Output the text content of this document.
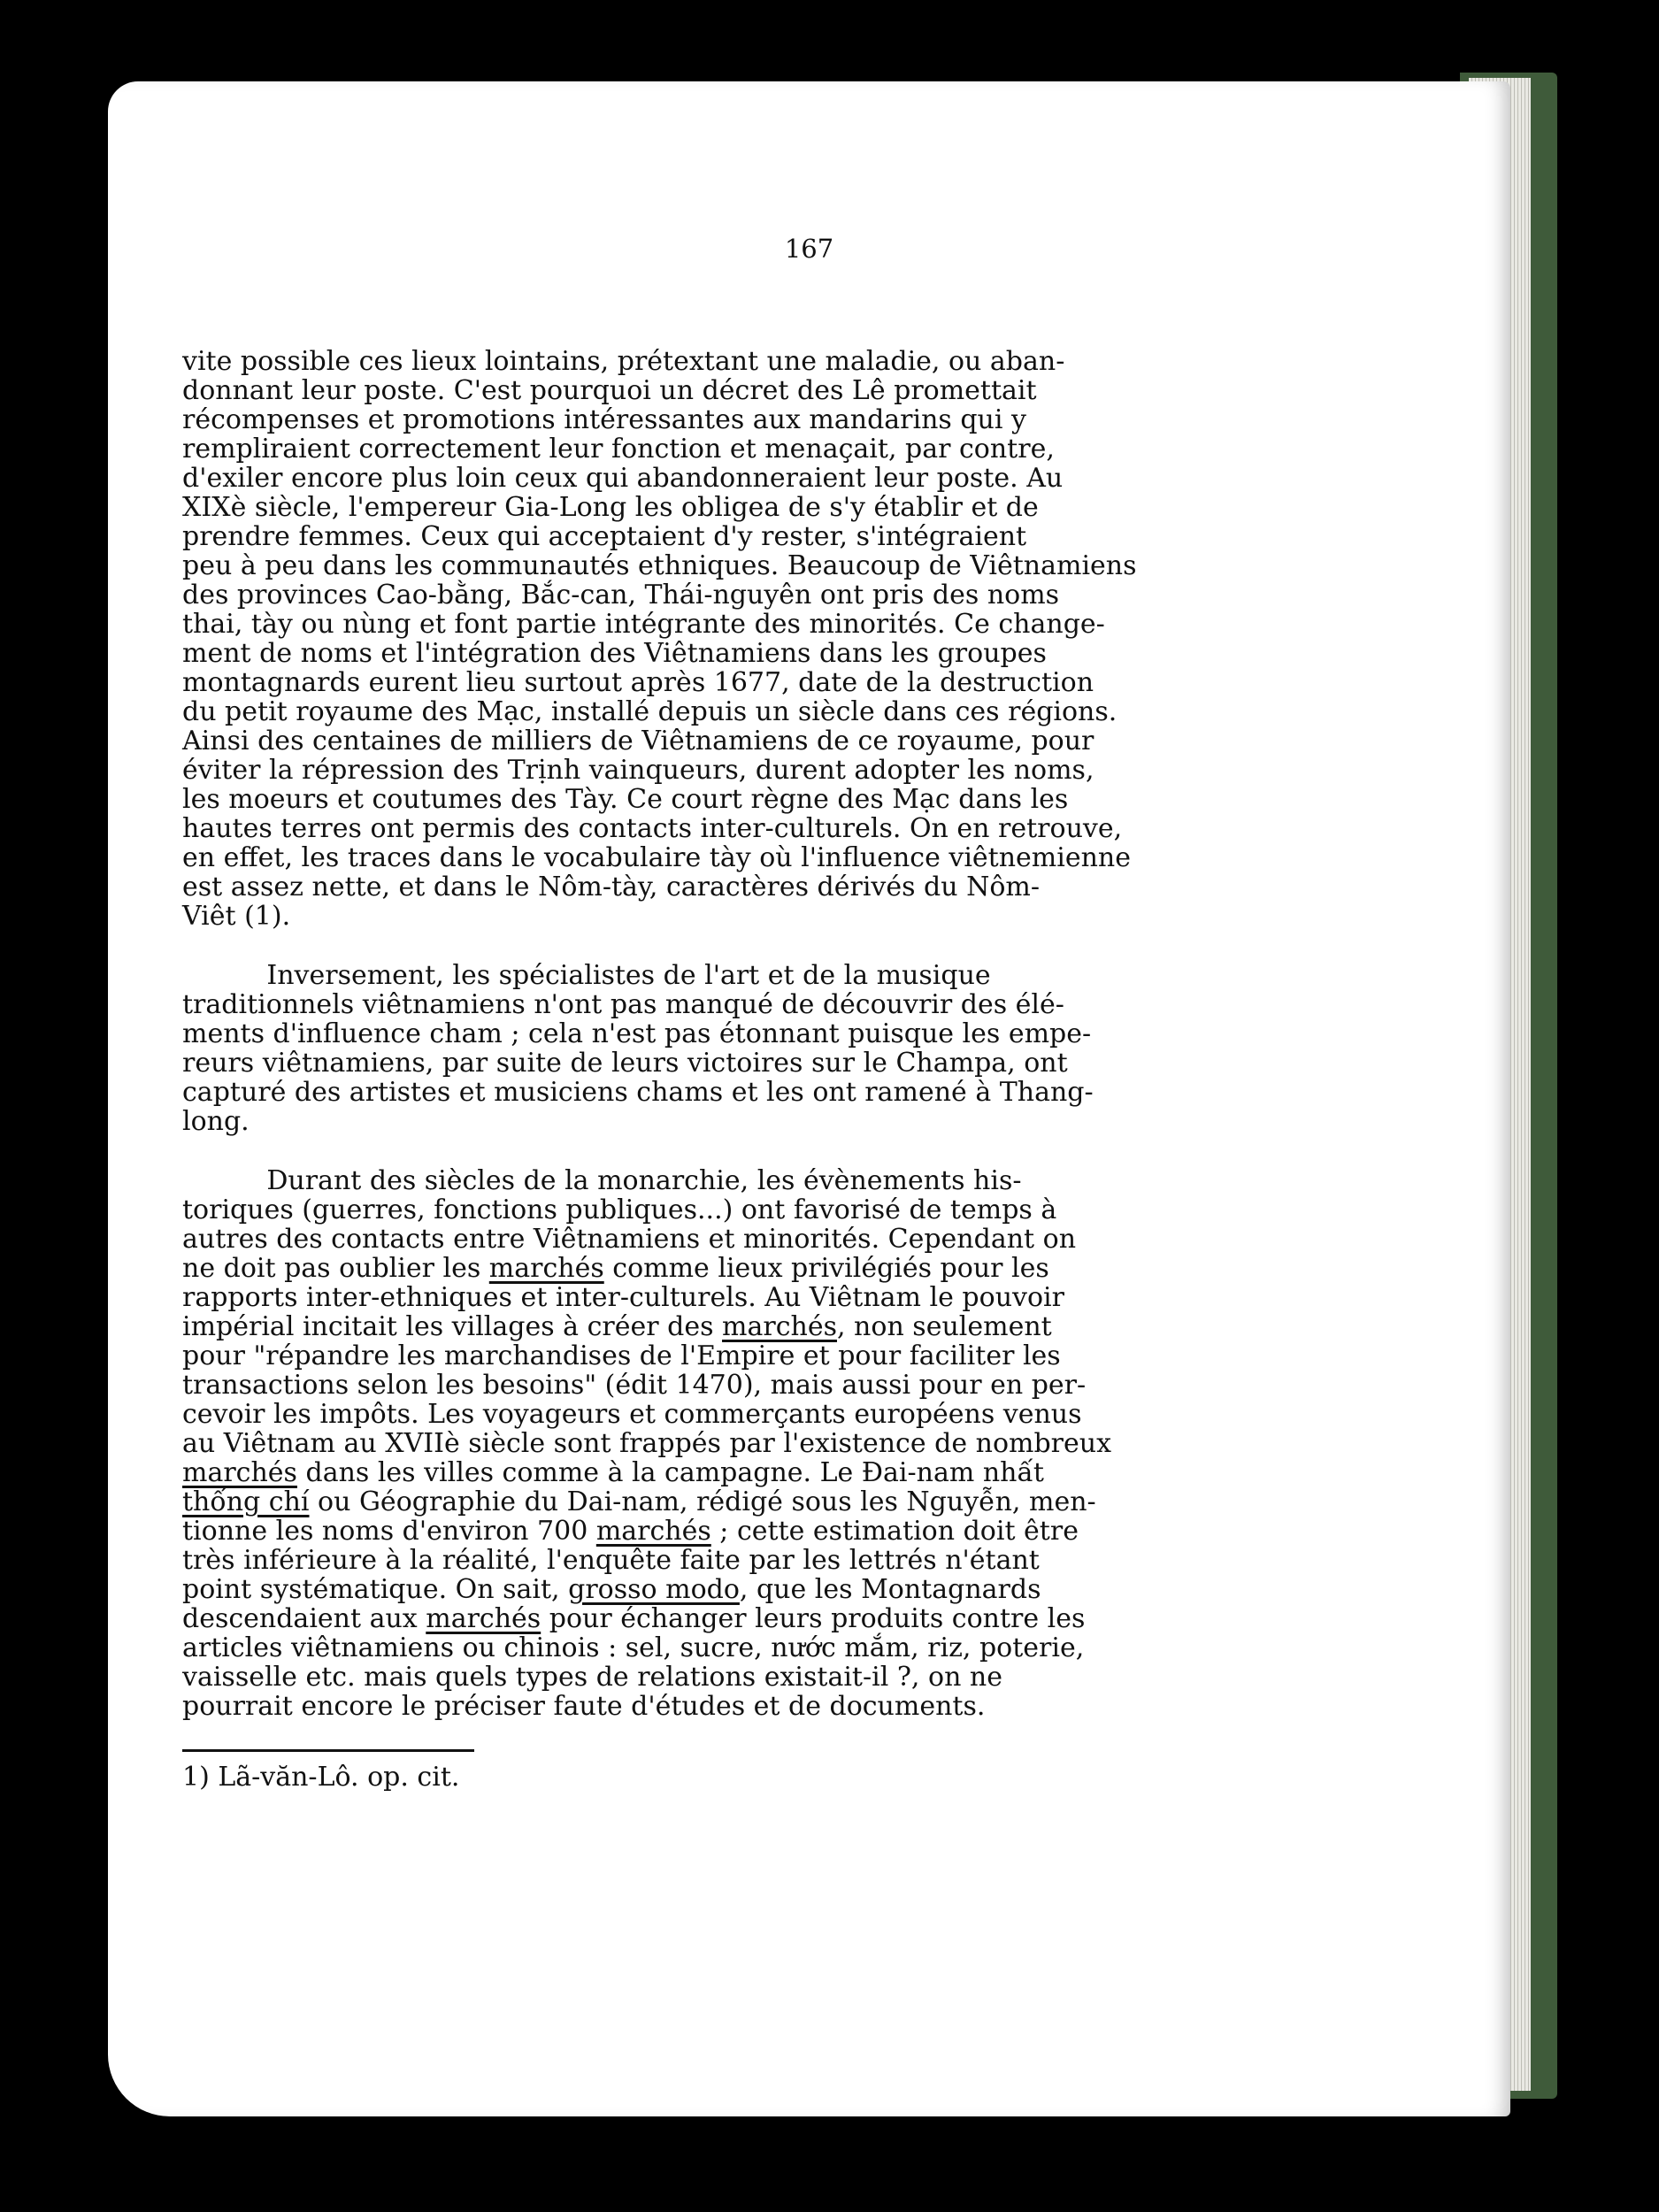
167
vite possible ces lieux lointains, prétextant une maladie, ou aban-
donnant leur poste. C'est pourquoi un décret des Lê promettait
récompenses et promotions intéressantes aux mandarins qui y
rempliraient correctement leur fonction et menaçait, par contre,
d'exiler encore plus loin ceux qui abandonneraient leur poste. Au
XIXè siècle, l'empereur Gia-Long les obligea de s'y établir et de
prendre femmes. Ceux qui acceptaient d'y rester, s'intégraient
peu à peu dans les communautés ethniques. Beaucoup de Viêtnamiens
des provinces Cao-bằng, Bắc-can, Thái-nguyên ont pris des noms
thai, tày ou nùng et font partie intégrante des minorités. Ce change-
ment de noms et l'intégration des Viêtnamiens dans les groupes
montagnards eurent lieu surtout après 1677, date de la destruction
du petit royaume des Mạc, installé depuis un siècle dans ces régions.
Ainsi des centaines de milliers de Viêtnamiens de ce royaume, pour
éviter la répression des Trịnh vainqueurs, durent adopter les noms,
les moeurs et coutumes des Tày. Ce court règne des Mạc dans les
hautes terres ont permis des contacts inter-culturels. On en retrouve,
en effet, les traces dans le vocabulaire tày où l'influence viêtnemienne
est assez nette, et dans le Nôm-tày, caractères dérivés du Nôm-
Viêt (1).
Inversement, les spécialistes de l'art et de la musique
traditionnels viêtnamiens n'ont pas manqué de découvrir des élé-
ments d'influence cham ; cela n'est pas étonnant puisque les empe-
reurs viêtnamiens, par suite de leurs victoires sur le Champa, ont
capturé des artistes et musiciens chams et les ont ramené à Thang-
long.
Durant des siècles de la monarchie, les évènements his-
toriques (guerres, fonctions publiques...) ont favorisé de temps à
autres des contacts entre Viêtnamiens et minorités. Cependant on
ne doit pas oublier les marchés comme lieux privilégiés pour les
rapports inter-ethniques et inter-culturels. Au Viêtnam le pouvoir
impérial incitait les villages à créer des marchés, non seulement
pour "répandre les marchandises de l'Empire et pour faciliter les
transactions selon les besoins" (édit 1470), mais aussi pour en per-
cevoir les impôts. Les voyageurs et commerçants européens venus
au Viêtnam au XVIIè siècle sont frappés par l'existence de nombreux
marchés dans les villes comme à la campagne. Le Đai-nam nhất
thống chí ou Géographie du Dai-nam, rédigé sous les Nguyễn, men-
tionne les noms d'environ 700 marchés ; cette estimation doit être
très inférieure à la réalité, l'enquête faite par les lettrés n'étant
point systématique. On sait, grosso modo, que les Montagnards
descendaient aux marchés pour échanger leurs produits contre les
articles viêtnamiens ou chinois : sel, sucre, nước mắm, riz, poterie,
vaisselle etc. mais quels types de relations existait-il ?, on ne
pourrait encore le préciser faute d'études et de documents.
1) Lã-văn-Lô. op. cit.
